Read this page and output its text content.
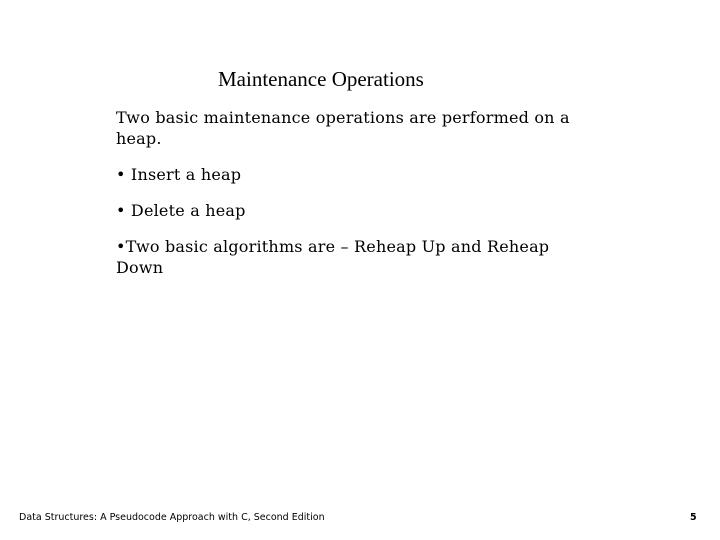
Maintenance Operations

Two basic maintenance operations are performed on a heap.

• Insert a heap

• Delete a heap

•Two basic algorithms are – Reheap Up and Reheap Down

Data Structures: A Pseudocode Approach with C, Second Edition	5
